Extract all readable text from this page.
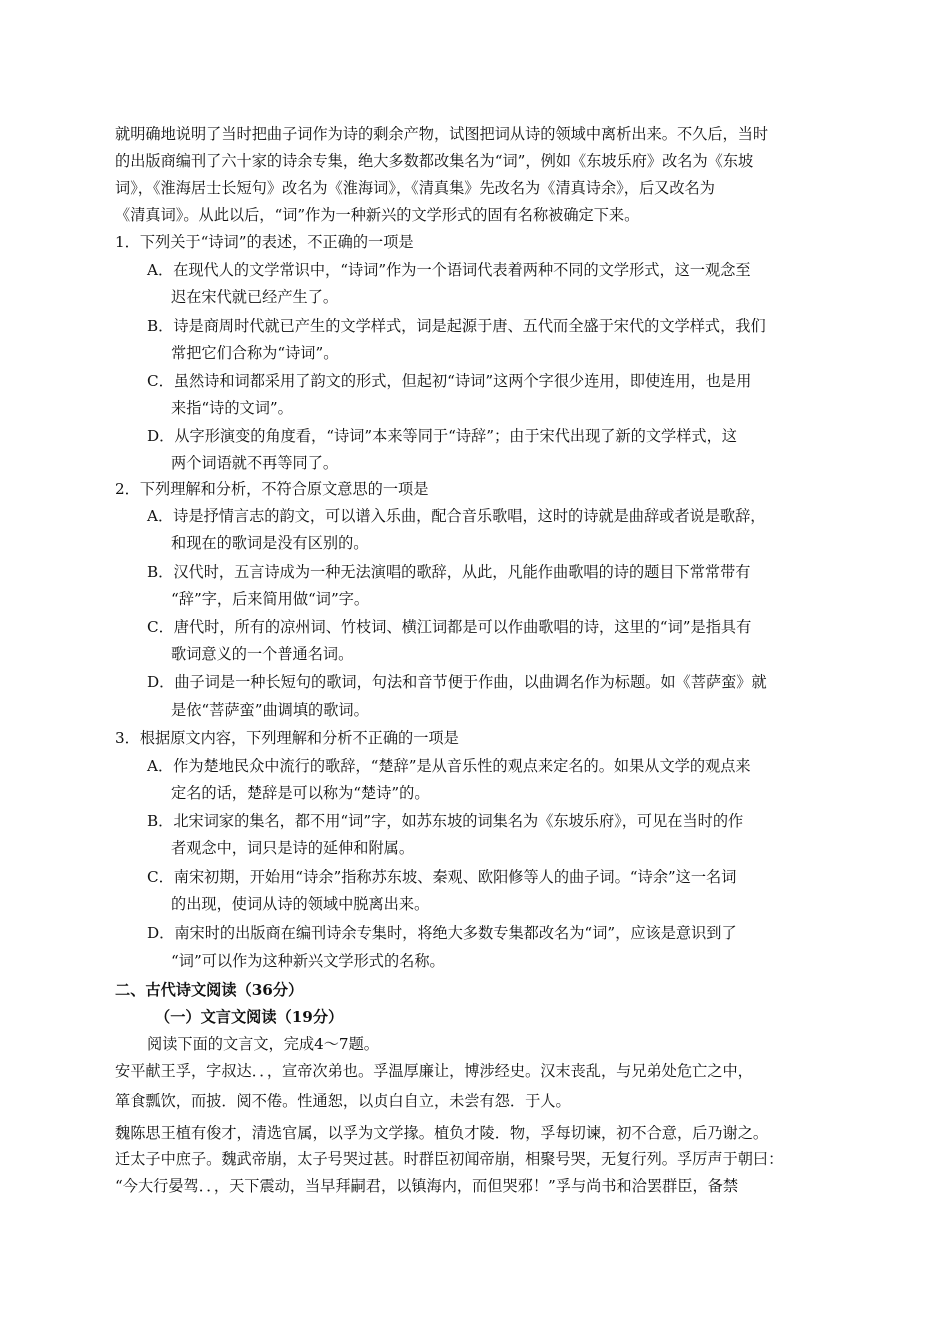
就明确地说明了当时把曲子词作为诗的剩余产物，试图把词从诗的领域中离析出来。不久后，当时
的出版商编刊了六十家的诗余专集，绝大多数都改集名为“词”，例如《东坡乐府》改名为《东坡
词》，《淮海居士长短句》改名为《淮海词》，《清真集》先改名为《清真诗余》，后又改名为
《清真词》。从此以后，“词”作为一种新兴的文学形式的固有名称被确定下来。
1．下列关于“诗词”的表述，不正确的一项是
A．在现代人的文学常识中，“诗词”作为一个语词代表着两种不同的文学形式，这一观念至
迟在宋代就已经产生了。
B．诗是商周时代就已产生的文学样式，词是起源于唐、五代而全盛于宋代的文学样式，我们
常把它们合称为“诗词”。
C．虽然诗和词都采用了韵文的形式，但起初“诗词”这两个字很少连用，即使连用，也是用
来指“诗的文词”。
D．从字形演变的角度看，“诗词”本来等同于“诗辞”；由于宋代出现了新的文学样式，这
两个词语就不再等同了。
2．下列理解和分析，不符合原文意思的一项是
A．诗是抒情言志的韵文，可以谱入乐曲，配合音乐歌唱，这时的诗就是曲辞或者说是歌辞，
和现在的歌词是没有区别的。
B．汉代时，五言诗成为一种无法演唱的歌辞，从此，凡能作曲歌唱的诗的题目下常常带有
“辞”字，后来简用做“词”字。
C．唐代时，所有的凉州词、竹枝词、横江词都是可以作曲歌唱的诗，这里的“词”是指具有
歌词意义的一个普通名词。
D．曲子词是一种长短句的歌词，句法和音节便于作曲，以曲调名作为标题。如《菩萨蛮》就
是依“菩萨蛮”曲调填的歌词。
3．根据原文内容，下列理解和分析不正确的一项是
A．作为楚地民众中流行的歌辞，“楚辞”是从音乐性的观点来定名的。如果从文学的观点来
定名的话，楚辞是可以称为“楚诗”的。
B．北宋词家的集名，都不用“词”字，如苏东坡的词集名为《东坡乐府》，可见在当时的作
者观念中，词只是诗的延伸和附属。
C．南宋初期，开始用“诗余”指称苏东坡、秦观、欧阳修等人的曲子词。“诗余”这一名词
的出现，使词从诗的领域中脱离出来。
D．南宋时的出版商在编刊诗余专集时，将绝大多数专集都改名为“词”，应该是意识到了
“词”可以作为这种新兴文学形式的名称。
二、古代诗文阅读（36分）
（一）文言文阅读（19分）
阅读下面的文言文，完成4～7题。
安平献王孚，字叔达．．，宣帝次弟也。孚温厚廉让，博涉经史。汉末丧乱，与兄弟处危亡之中，
箪食瓢饮，而披．阅不倦。性通恕，以贞白自立，未尝有怨．于人。
魏陈思王植有俊才，清选官属，以孚为文学掾。植负才陵．物，孚每切谏，初不合意，后乃谢之。
迁太子中庶子。魏武帝崩，太子号哭过甚。时群臣初闻帝崩，相聚号哭，无复行列。孚厉声于朝曰：
“今大行晏驾．．，天下震动，当早拜嗣君，以镇海内，而但哭邪！”孚与尚书和洽罢群臣，备禁
